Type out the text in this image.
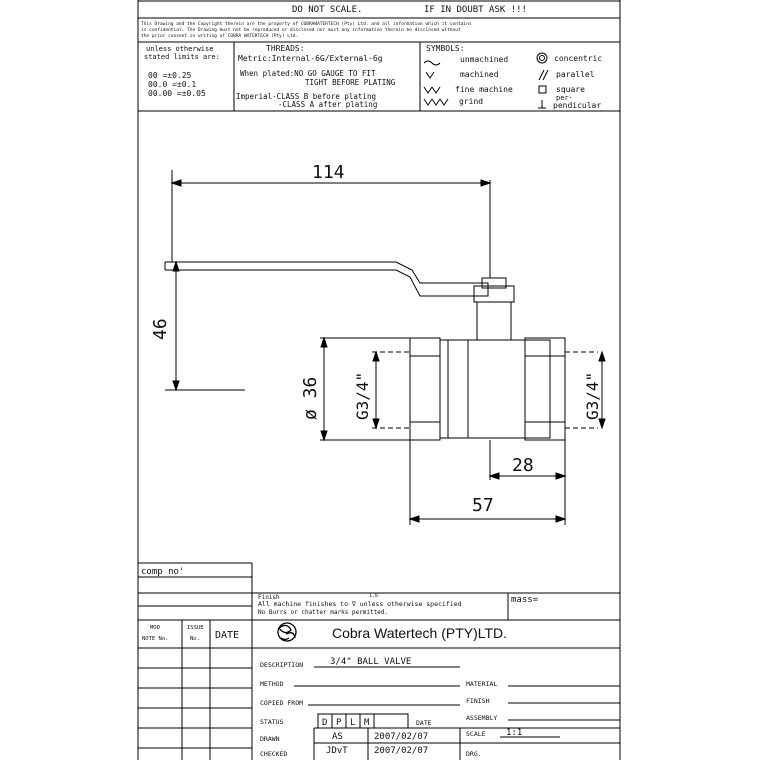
DO NOT SCALE.	IF IN DOUBT ASK !!!
This Drawing and the Copyright therein are the property of COBRAWATERTECH (Pty) Ltd. and all information which it contains
is confidential. The Drawing must not be reproduced or disclosed nor must any information therein be disclosed without
the prior consent in writing of COBRA WATERTECH (Pty) Ltd.
unless otherwise
stated limits are:
00 =±0.25
00.0 =±0.1
00.00 =±0.05
THREADS:
Metric:Internal-6G/External-6g
When plated:NO GO GAUGE TO FIT
TIGHT BEFORE PLATING
Imperial-CLASS B before plating
-CLASS A after plating
SYMBOLS:
unmachined
machined
fine machine
grind
concentric
parallel
square
per-
pendicular
114
46
ø 36 G3/4"	G3/4"
28
57
comp no'
Finish	1.6
All machine finishes to ∇ unless otherwise specified
No Burrs or chatter marks permitted.
mass=
MOD
NOTE No.
ISSUE
No. DATE	Cobra Watertech (PTY)LTD.
DESCRIPTION	3/4" BALL VALVE
METHOD	MATERIAL
FINISH
COPIED FROM
ASSEMBLY
STATUS	D P L M	DATE
SCALE 1:1
DRAWN	AS	2007/02/07
CHECKED	JDvT	2007/02/07	DRG.
